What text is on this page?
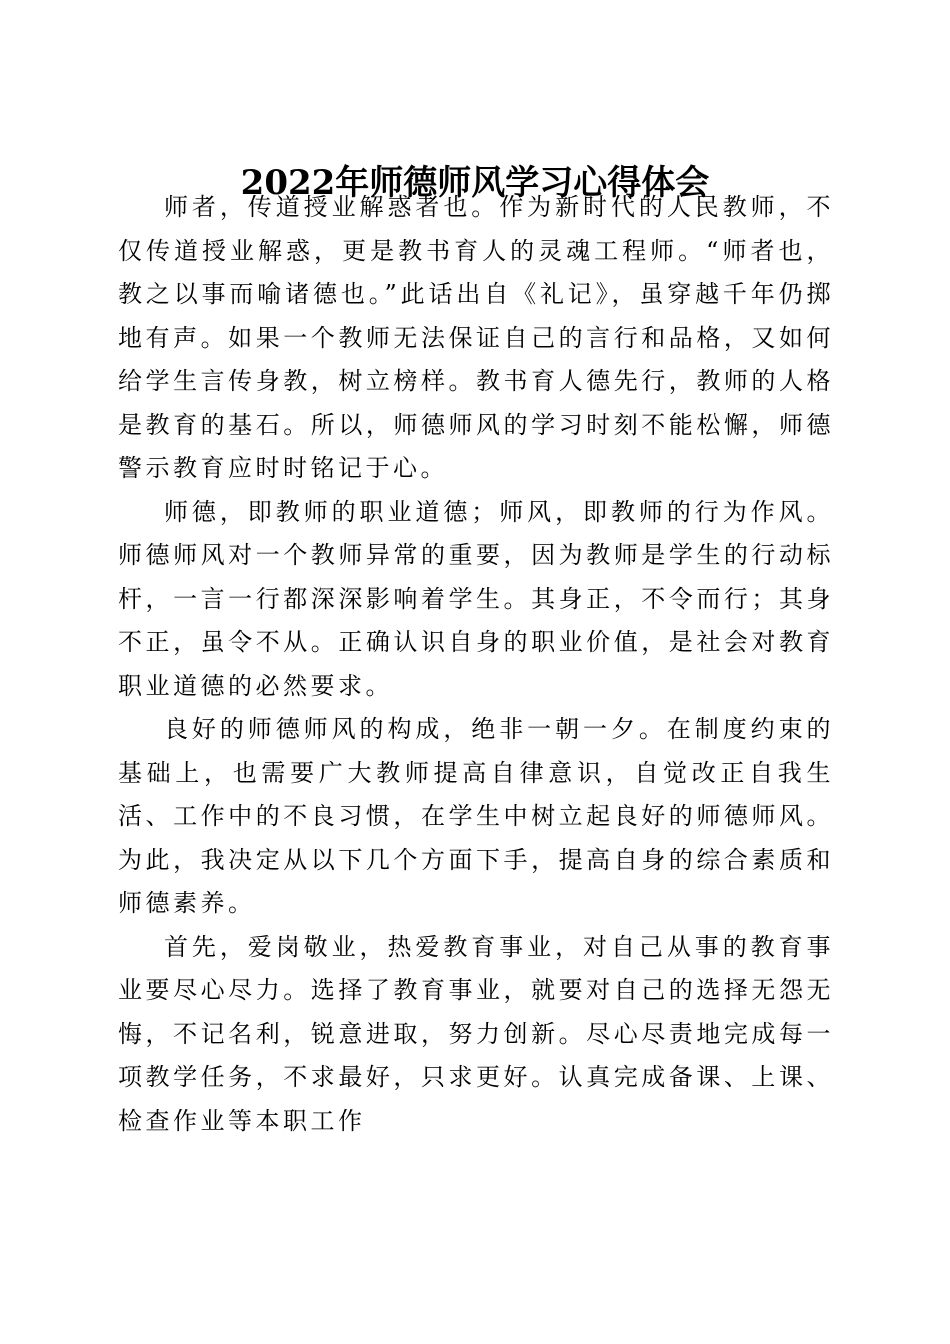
2022年师德师风学习心得体会

师者，传道授业解惑者也。作为新时代的人民教师，不仅传道授业解惑，更是教书育人的灵魂工程师。“师者也，教之以事而喻诸德也。”此话出自《礼记》，虽穿越千年仍掷地有声。如果一个教师无法保证自己的言行和品格，又如何给学生言传身教，树立榜样。教书育人德先行，教师的人格是教育的基石。所以，师德师风的学习时刻不能松懈，师德警示教育应时时铭记于心。

师德，即教师的职业道德；师风，即教师的行为作风。师德师风对一个教师异常的重要，因为教师是学生的行动标杆，一言一行都深深影响着学生。其身正，不令而行；其身不正，虽令不从。正确认识自身的职业价值，是社会对教育职业道德的必然要求。

良好的师德师风的构成，绝非一朝一夕。在制度约束的基础上，也需要广大教师提高自律意识，自觉改正自我生活、工作中的不良习惯，在学生中树立起良好的师德师风。为此，我决定从以下几个方面下手，提高自身的综合素质和师德素养。

首先，爱岗敬业，热爱教育事业，对自己从事的教育事业要尽心尽力。选择了教育事业，就要对自己的选择无怨无悔，不记名利，锐意进取，努力创新。尽心尽责地完成每一项教学任务，不求最好，只求更好。认真完成备课、上课、检查作业等本职工作
